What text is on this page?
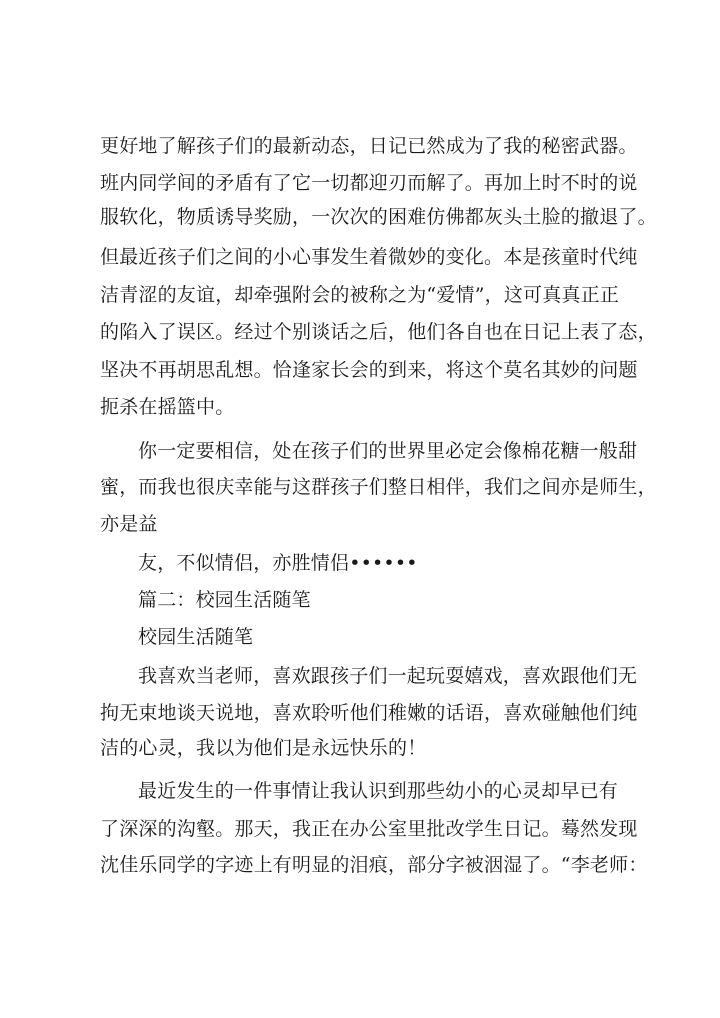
更好地了解孩子们的最新动态，日记已然成为了我的秘密武器。
班内同学间的矛盾有了它一切都迎刃而解了。再加上时不时的说
服软化，物质诱导奖励，一次次的困难仿佛都灰头土脸的撤退了。
但最近孩子们之间的小心事发生着微妙的变化。本是孩童时代纯
洁青涩的友谊，却牵强附会的被称之为“爱情”，这可真真正正
的陷入了误区。经过个别谈话之后，他们各自也在日记上表了态，
坚决不再胡思乱想。恰逢家长会的到来，将这个莫名其妙的问题
扼杀在摇篮中。
你一定要相信，处在孩子们的世界里必定会像棉花糖一般甜
蜜，而我也很庆幸能与这群孩子们整日相伴，我们之间亦是师生，
亦是益
友，不似情侣，亦胜情侣••••••
篇二：校园生活随笔
校园生活随笔
我喜欢当老师，喜欢跟孩子们一起玩耍嬉戏，喜欢跟他们无
拘无束地谈天说地，喜欢聆听他们稚嫩的话语，喜欢碰触他们纯
洁的心灵，我以为他们是永远快乐的！
最近发生的一件事情让我认识到那些幼小的心灵却早已有
了深深的沟壑。那天，我正在办公室里批改学生日记。蓦然发现
沈佳乐同学的字迹上有明显的泪痕，部分字被洇湿了。“李老师：
